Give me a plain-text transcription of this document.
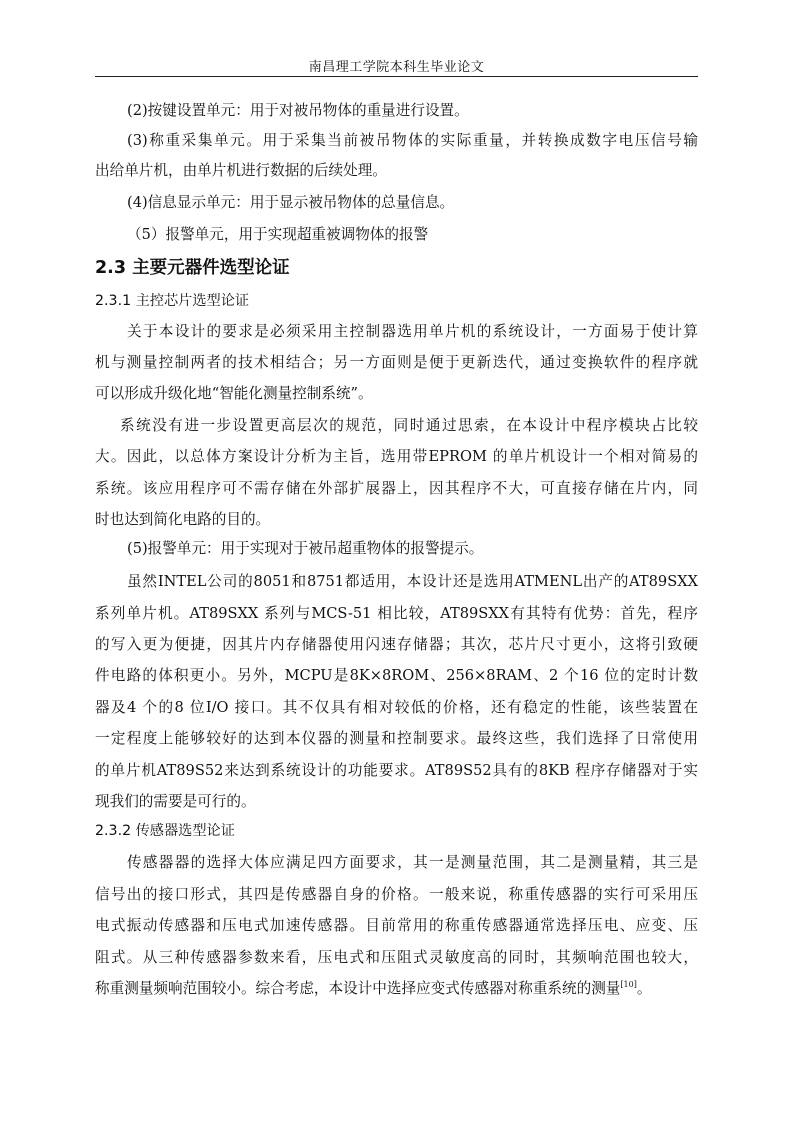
南昌理工学院本科生毕业论文
(2)按键设置单元：用于对被吊物体的重量进行设置。
(3)称重采集单元。用于采集当前被吊物体的实际重量，并转换成数字电压信号输
出给单片机，由单片机进行数据的后续处理。
(4)信息显示单元：用于显示被吊物体的总量信息。
（5）报警单元，用于实现超重被调物体的报警
2.3 主要元器件选型论证
2.3.1 主控芯片选型论证
关于本设计的要求是必须采用主控制器选用单片机的系统设计，一方面易于使计算
机与测量控制两者的技术相结合；另一方面则是便于更新迭代，通过变换软件的程序就
可以形成升级化地“智能化测量控制系统”。
系统没有进一步设置更高层次的规范，同时通过思索，在本设计中程序模块占比较
大。因此，以总体方案设计分析为主旨，选用带EPROM 的单片机设计一个相对简易的
系统。该应用程序可不需存储在外部扩展器上，因其程序不大，可直接存储在片内，同
时也达到简化电路的目的。
(5)报警单元：用于实现对于被吊超重物体的报警提示。
虽然INTEL公司的8051和8751都适用，本设计还是选用ATMENL出产的AT89SXX
系列单片机。AT89SXX 系列与MCS-51 相比较，AT89SXX有其特有优势：首先，程序
的写入更为便捷，因其片内存储器使用闪速存储器；其次，芯片尺寸更小，这将引致硬
件电路的体积更小。另外，MCPU是8K×8ROM、256×8RAM、2 个16 位的定时计数
器及4 个的8 位I/O 接口。其不仅具有相对较低的价格，还有稳定的性能，该些装置在
一定程度上能够较好的达到本仪器的测量和控制要求。最终这些，我们选择了日常使用
的单片机AT89S52来达到系统设计的功能要求。AT89S52具有的8KB 程序存储器对于实
现我们的需要是可行的。
2.3.2 传感器选型论证
传感器器的选择大体应满足四方面要求，其一是测量范围，其二是测量精，其三是
信号出的接口形式，其四是传感器自身的价格。一般来说，称重传感器的实行可采用压
电式振动传感器和压电式加速传感器。目前常用的称重传感器通常选择压电、应变、压
阻式。从三种传感器参数来看，压电式和压阻式灵敏度高的同时，其频响范围也较大，
称重测量频响范围较小。综合考虑，本设计中选择应变式传感器对称重系统的测量[10]。
